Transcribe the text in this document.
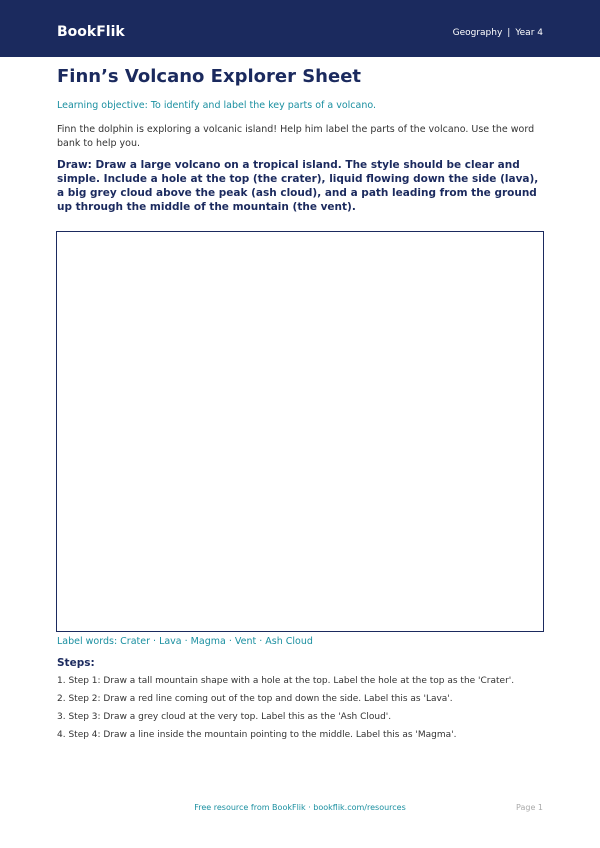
BookFlik	Geography | Year 4
Finn’s Volcano Explorer Sheet
Learning objective: To identify and label the key parts of a volcano.
Finn the dolphin is exploring a volcanic island! Help him label the parts of the volcano. Use the word bank to help you.
Draw: Draw a large volcano on a tropical island. The style should be clear and simple. Include a hole at the top (the crater), liquid flowing down the side (lava), a big grey cloud above the peak (ash cloud), and a path leading from the ground up through the middle of the mountain (the vent).
Label words: Crater · Lava · Magma · Vent · Ash Cloud
Steps:
1. Step 1: Draw a tall mountain shape with a hole at the top. Label the hole at the top as the 'Crater'.
2. Step 2: Draw a red line coming out of the top and down the side. Label this as 'Lava'.
3. Step 3: Draw a grey cloud at the very top. Label this as the 'Ash Cloud'.
4. Step 4: Draw a line inside the mountain pointing to the middle. Label this as 'Magma'.
Free resource from BookFlik · bookflik.com/resources	Page 1
